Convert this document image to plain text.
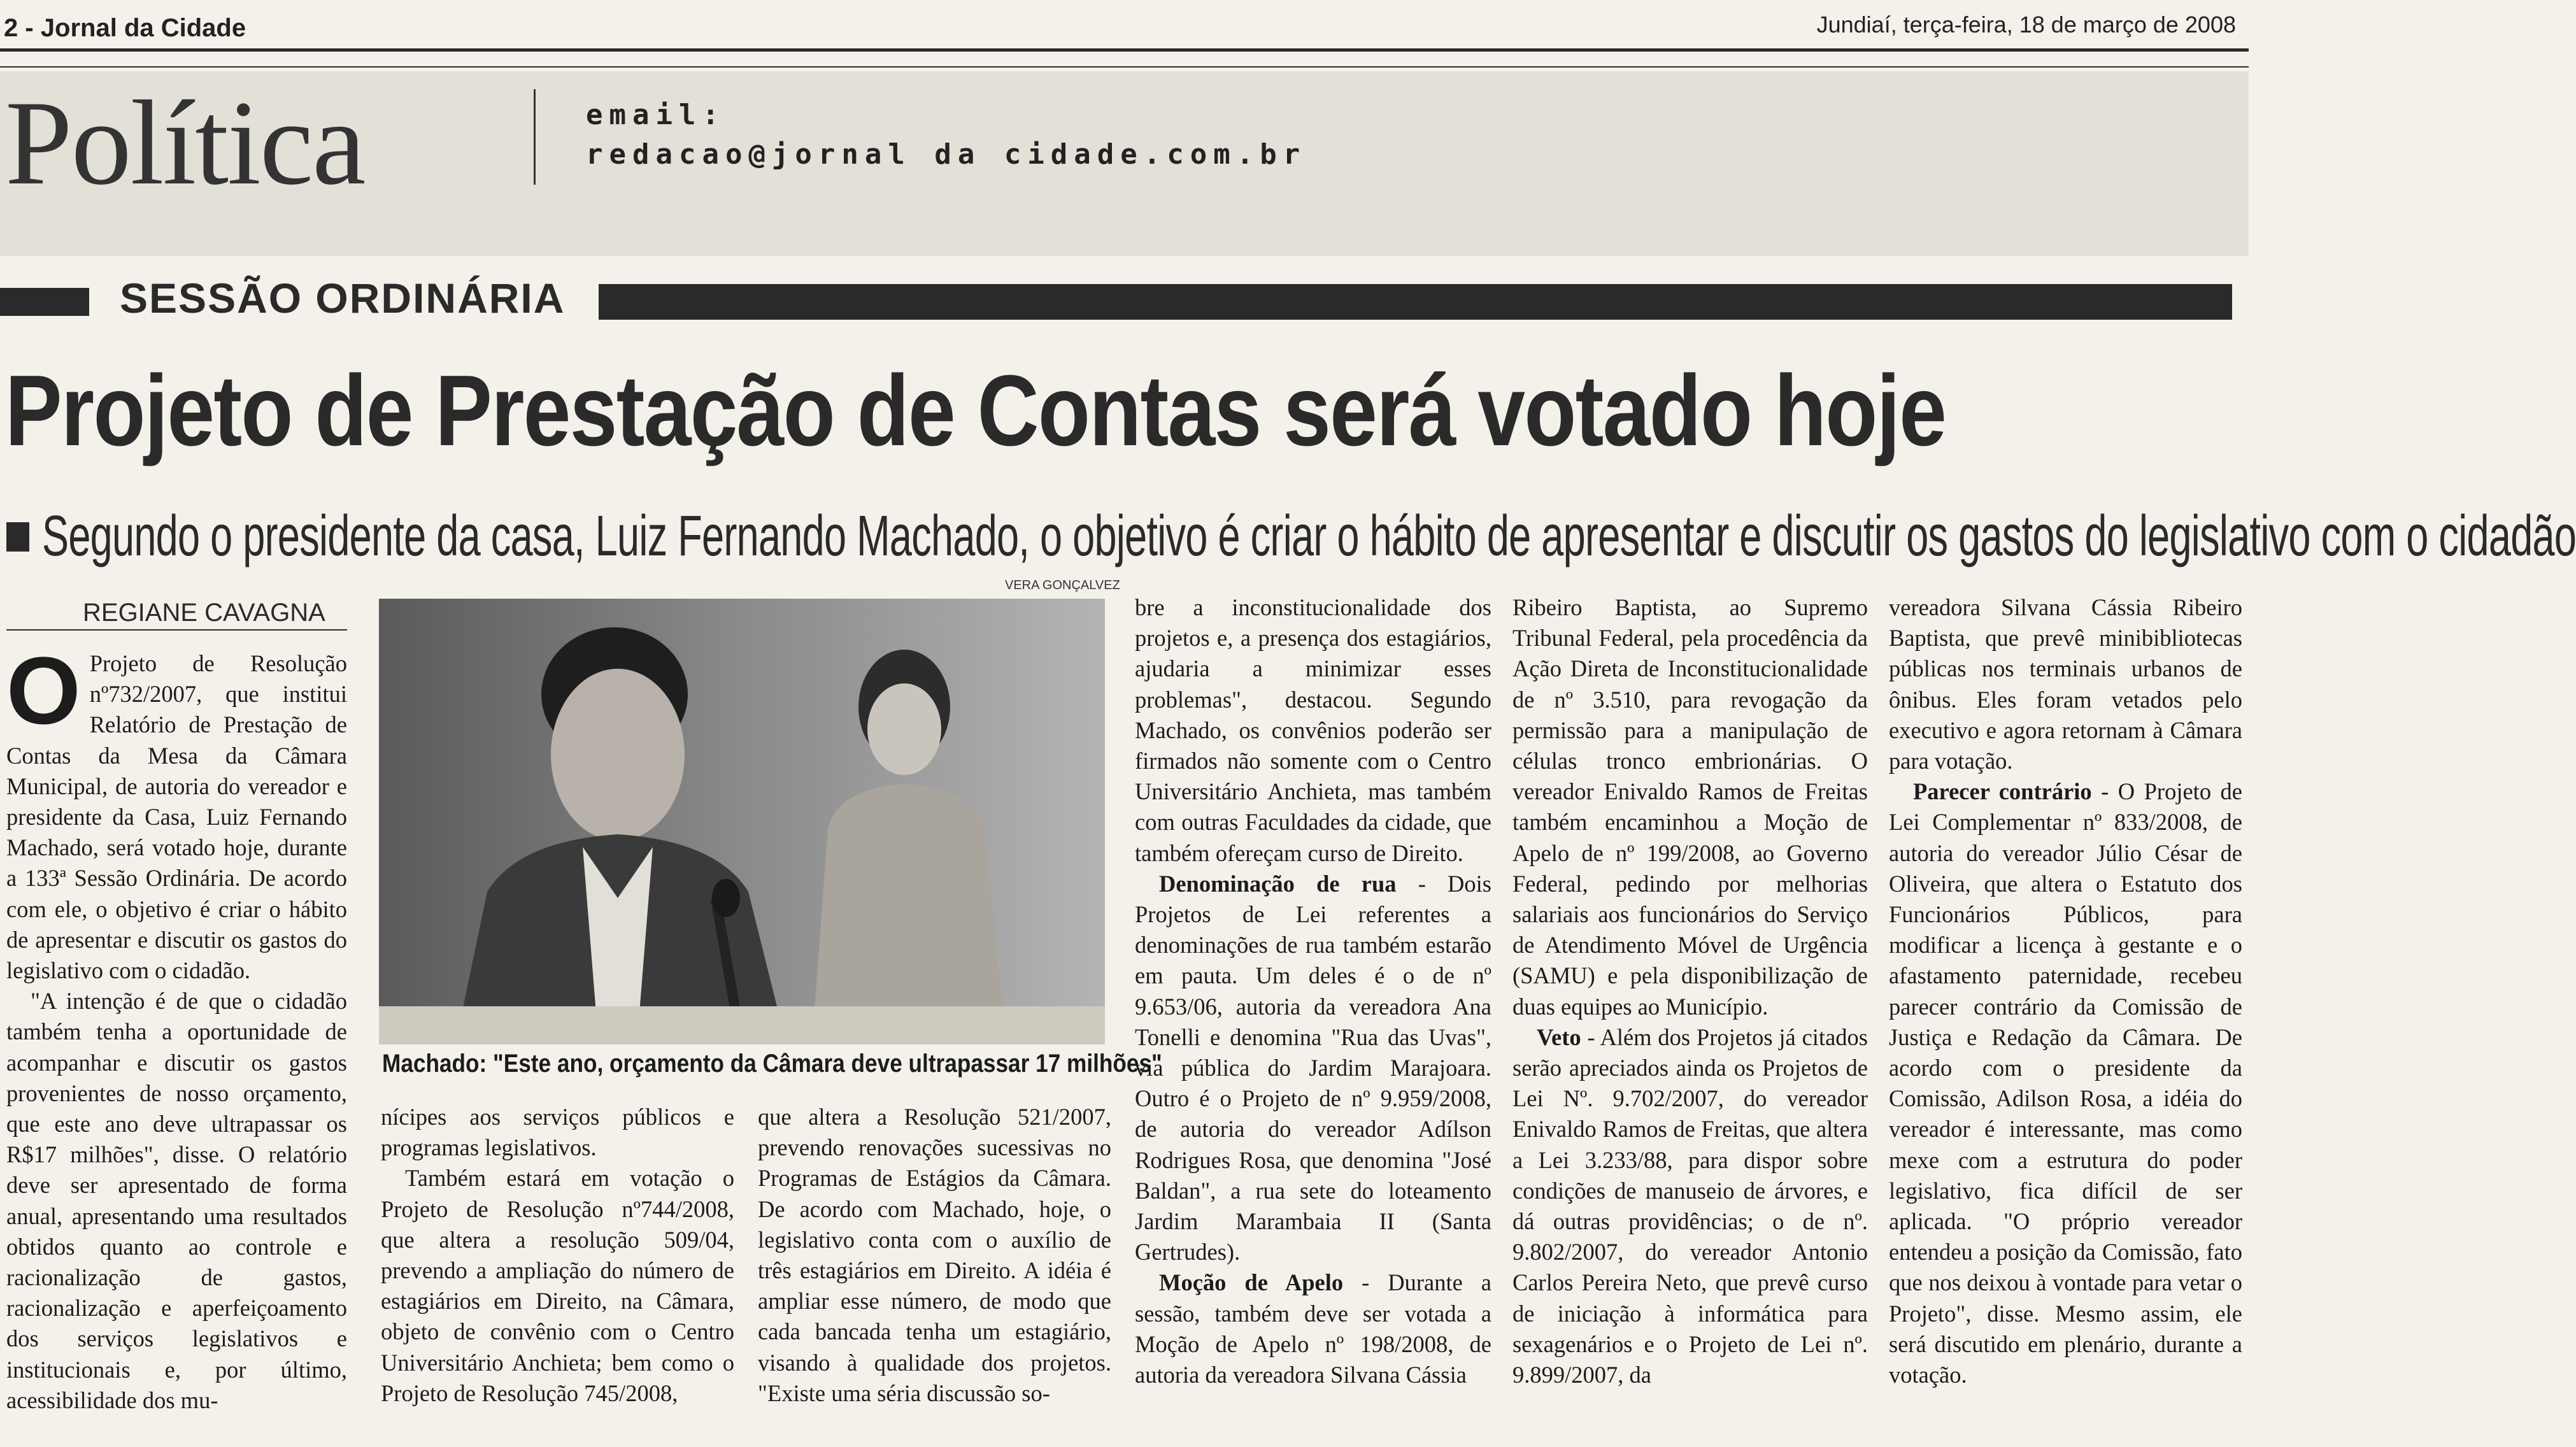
2 - Jornal da Cidade	Jundiaí, terça-feira, 18 de março de 2008
Política	email:
redacao@jornal da cidade.com.br
SESSÃO ORDINÁRIA
Projeto de Prestação de Contas será votado hoje
Segundo o presidente da casa, Luiz Fernando Machado, o objetivo é criar o hábito de apresentar e discutir os gastos do legislativo com o cidadão
REGIANE CAVAGNA
VERA GONÇALVEZ
Machado: "Este ano, orçamento da Câmara deve ultrapassar 17 milhões"

O Projeto de Resolução nº732/2007, que institui Relatório de Prestação de Contas da Mesa da Câmara Municipal, de autoria do vereador e presidente da Casa, Luiz Fernando Machado, será votado hoje, durante a 133ª Sessão Ordinária. De acordo com ele, o objetivo é criar o hábito de apresentar e discutir os gastos do legislativo com o cidadão.

"A intenção é de que o cidadão também tenha a oportunidade de acompanhar e discutir os gastos provenientes de nosso orçamento, que este ano deve ultrapassar os R$17 milhões", disse. O relatório deve ser apresentado de forma anual, apresentando uma resultados obtidos quanto ao controle e racionalização de gastos, racionalização e aperfeiçoamento dos serviços legislativos e institucionais e, por último, acessibilidade dos mu-

nícipes aos serviços públicos e programas legislativos.

Também estará em votação o Projeto de Resolução nº744/2008, que altera a resolução 509/04, prevendo a ampliação do número de estagiários em Direito, na Câmara, objeto de convênio com o Centro Universitário Anchieta; bem como o Projeto de Resolução 745/2008,

que altera a Resolução 521/2007, prevendo renovações sucessivas no Programas de Estágios da Câmara. De acordo com Machado, hoje, o legislativo conta com o auxílio de três estagiários em Direito. A idéia é ampliar esse número, de modo que cada bancada tenha um estagiário, visando à qualidade dos projetos. "Existe uma séria discussão so-

bre a inconstitucionalidade dos projetos e, a presença dos estagiários, ajudaria a minimizar esses problemas", destacou. Segundo Machado, os convênios poderão ser firmados não somente com o Centro Universitário Anchieta, mas também com outras Faculdades da cidade, que também ofereçam curso de Direito.

Denominação de rua - Dois Projetos de Lei referentes a denominações de rua também estarão em pauta. Um deles é o de nº 9.653/06, autoria da vereadora Ana Tonelli e denomina "Rua das Uvas", via pública do Jardim Marajoara. Outro é o Projeto de nº 9.959/2008, de autoria do vereador Adílson Rodrigues Rosa, que denomina "José Baldan", a rua sete do loteamento Jardim Marambaia II (Santa Gertrudes).

Moção de Apelo - Durante a sessão, também deve ser votada a Moção de Apelo nº 198/2008, de autoria da vereadora Silvana Cássia

Ribeiro Baptista, ao Supremo Tribunal Federal, pela procedência da Ação Direta de Inconstitucionalidade de nº 3.510, para revogação da permissão para a manipulação de células tronco embrionárias. O vereador Enivaldo Ramos de Freitas também encaminhou a Moção de Apelo de nº 199/2008, ao Governo Federal, pedindo por melhorias salariais aos funcionários do Serviço de Atendimento Móvel de Urgência (SAMU) e pela disponibilização de duas equipes ao Município.

Veto - Além dos Projetos já citados serão apreciados ainda os Projetos de Lei Nº. 9.702/2007, do vereador Enivaldo Ramos de Freitas, que altera a Lei 3.233/88, para dispor sobre condições de manuseio de árvores, e dá outras providências; o de nº. 9.802/2007, do vereador Antonio Carlos Pereira Neto, que prevê curso de iniciação à informática para sexagenários e o Projeto de Lei nº. 9.899/2007, da

vereadora Silvana Cássia Ribeiro Baptista, que prevê minibibliotecas públicas nos terminais urbanos de ônibus. Eles foram vetados pelo executivo e agora retornam à Câmara para votação.

Parecer contrário - O Projeto de Lei Complementar nº 833/2008, de autoria do vereador Júlio César de Oliveira, que altera o Estatuto dos Funcionários Públicos, para modificar a licença à gestante e o afastamento paternidade, recebeu parecer contrário da Comissão de Justiça e Redação da Câmara. De acordo com o presidente da Comissão, Adilson Rosa, a idéia do vereador é interessante, mas como mexe com a estrutura do poder legislativo, fica difícil de ser aplicada. "O próprio vereador entendeu a posição da Comissão, fato que nos deixou à vontade para vetar o Projeto", disse. Mesmo assim, ele será discutido em plenário, durante a votação.
